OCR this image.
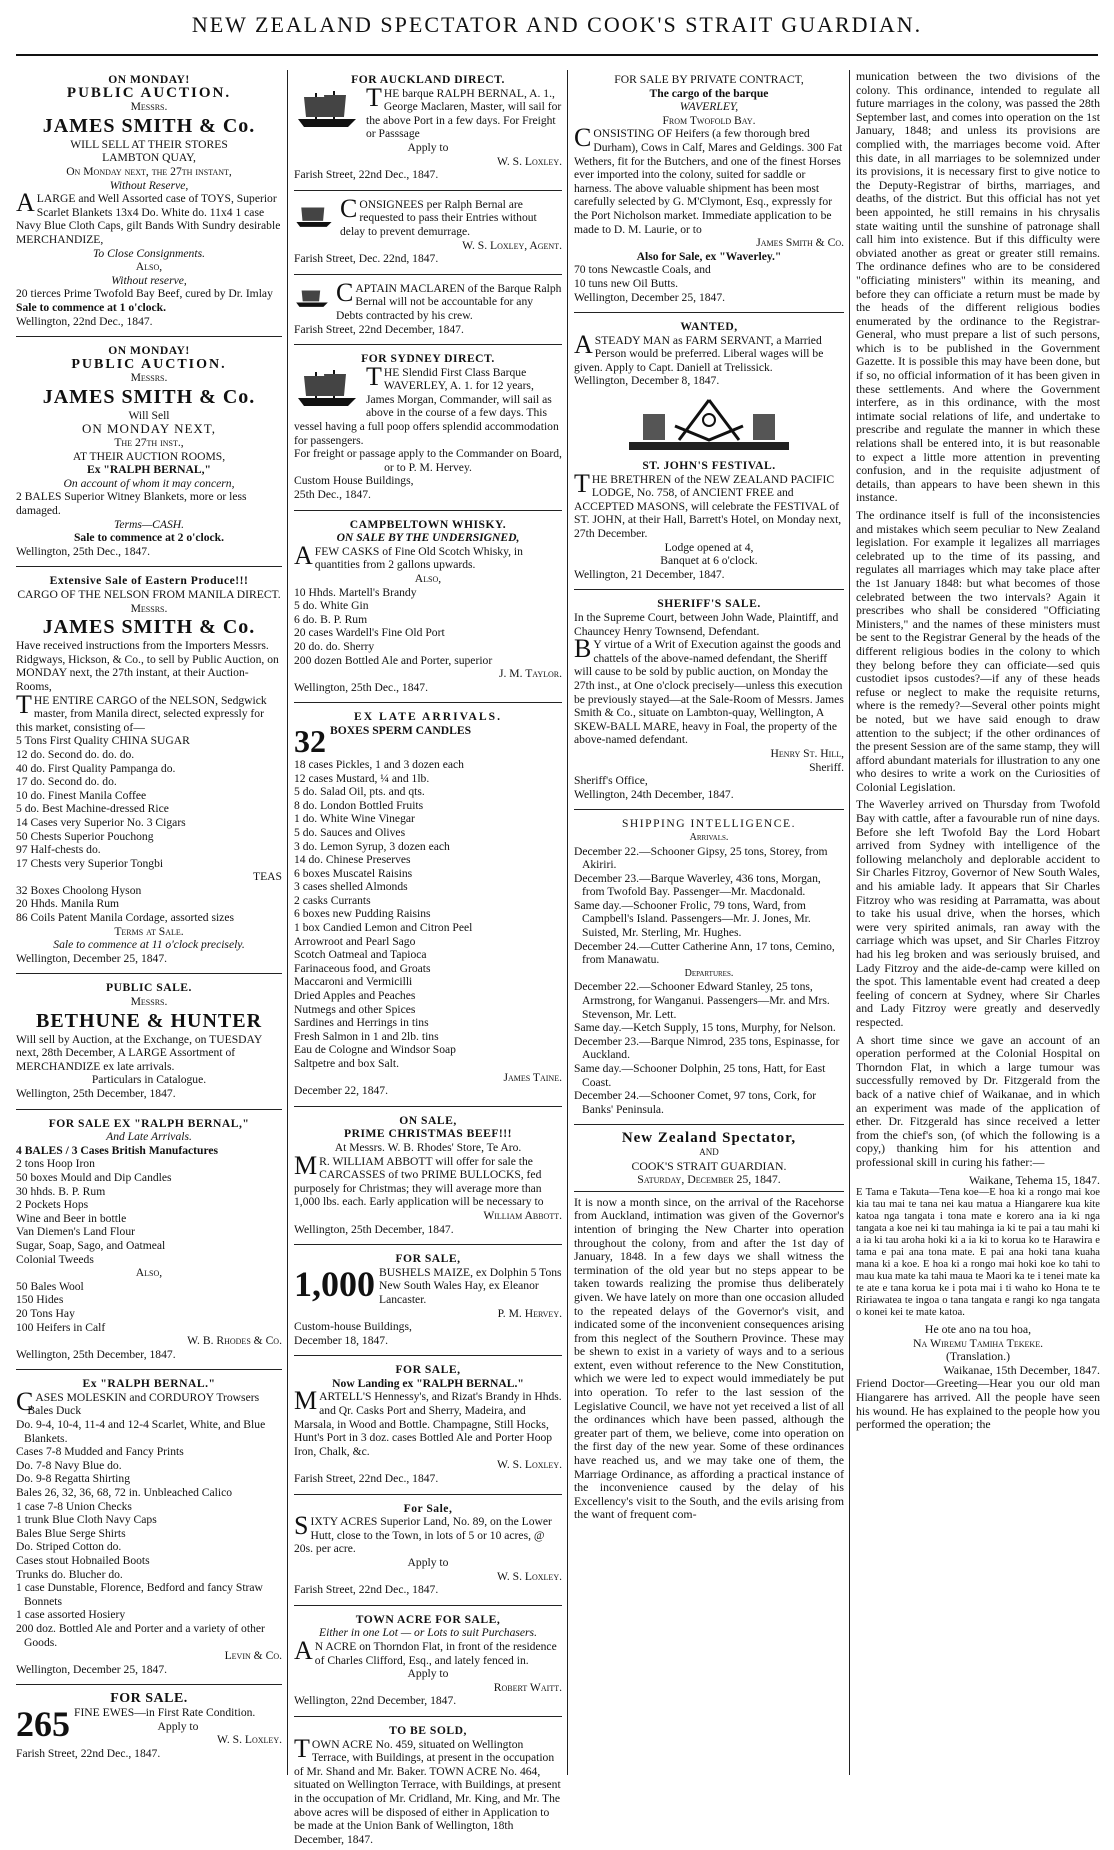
NEW ZEALAND SPECTATOR AND COOK'S STRAIT GUARDIAN.
ON MONDAY!
PUBLIC AUCTION.
Messrs.
JAMES SMITH & Co.
WILL SELL AT THEIR STORES
LAMBTON QUAY,
On Monday next, the 27th instant,
Without Reserve,
ALARGE and Well Assorted case of TOYS, Superior Scarlet Blankets 13x4 Do. White do. 11x4 1 case Navy Blue Cloth Caps, gilt Bands With Sundry desirable MERCHANDIZE,
To Close Consignments.
Also,
Without reserve,
20 tierces Prime Twofold Bay Beef, cured by Dr. Imlay
Sale to commence at 1 o'clock.
Wellington, 22nd Dec., 1847.
ON MONDAY!
PUBLIC AUCTION.
Messrs.
JAMES SMITH & Co.
Will Sell
ON MONDAY NEXT,
The 27th inst.,
AT THEIR AUCTION ROOMS,
Ex "RALPH BERNAL,"
On account of whom it may concern,
2 BALES Superior Witney Blankets, more or less damaged.
Terms—CASH.
Sale to commence at 2 o'clock.
Wellington, 25th Dec., 1847.
Extensive Sale of Eastern Produce!!!
CARGO OF THE NELSON FROM MANILA DIRECT.
Messrs.
JAMES SMITH & Co.
Have received instructions from the Importers Messrs. Ridgways, Hickson, & Co., to sell by Public Auction, on MONDAY next, the 27th instant, at their Auction-Rooms,
THE ENTIRE CARGO of the NELSON, Sedgwick master, from Manila direct, selected expressly for this market, consisting of—
5 Tons First Quality CHINA SUGAR
12 do. Second do. do. do.
40 do. First Quality Pampanga do.
17 do. Second do. do.
10 do. Finest Manila Coffee
5 do. Best Machine-dressed Rice
14 Cases very Superior No. 3 Cigars
50 Chests Superior Pouchong
97 Half-chests do.
17 Chests very Superior Tongbi
TEAS
32 Boxes Choolong Hyson
20 Hhds. Manila Rum
86 Coils Patent Manila Cordage, assorted sizes
Terms at Sale.
Sale to commence at 11 o'clock precisely.
Wellington, December 25, 1847.
PUBLIC SALE.
Messrs.
BETHUNE & HUNTER
Will sell by Auction, at the Exchange, on TUESDAY next, 28th December, A LARGE Assortment of MERCHANDIZE ex late arrivals.
Particulars in Catalogue.
Wellington, 25th December, 1847.
FOR SALE EX "RALPH BERNAL,"
And Late Arrivals.
4 BALES / 3 Cases British Manufactures
2 tons Hoop Iron
50 boxes Mould and Dip Candles
30 hhds. B. P. Rum
2 Pockets Hops
Wine and Beer in bottle
Van Diemen's Land Flour
Sugar, Soap, Sago, and Oatmeal
Colonial Tweeds
Also,
50 Bales Wool
150 Hides
20 Tons Hay
100 Heifers in Calf
W. B. Rhodes & Co.
Wellington, 25th December, 1847.
Ex "RALPH BERNAL."
CASES MOLESKIN and CORDUROY Trowsers
Bales Duck
Do. 9-4, 10-4, 11-4 and 12-4 Scarlet, White, and Blue Blankets.
Cases 7-8 Mudded and Fancy Prints
Do. 7-8 Navy Blue do.
Do. 9-8 Regatta Shirting
Bales 26, 32, 36, 68, 72 in. Unbleached Calico
1 case 7-8 Union Checks
1 trunk Blue Cloth Navy Caps
Bales Blue Serge Shirts
Do. Striped Cotton do.
Cases stout Hobnailed Boots
Trunks do. Blucher do.
1 case Dunstable, Florence, Bedford and fancy Straw Bonnets
1 case assorted Hosiery
200 doz. Bottled Ale and Porter and a variety of other Goods.
Levin & Co.
Wellington, December 25, 1847.
FOR SALE.
265 FINE EWES—in First Rate Condition.
Apply to
W. S. Loxley.
Farish Street, 22nd Dec., 1847.
FOR AUCKLAND DIRECT.
THE barque RALPH BERNAL, A. 1., George Maclaren, Master, will sail for the above Port in a few days. For Freight or Passsage
Apply to
W. S. Loxley.
Farish Street, 22nd Dec., 1847.
CONSIGNEES per Ralph Bernal are requested to pass their Entries without delay to prevent demurrage.
W. S. Loxley, Agent.
Farish Street, Dec. 22nd, 1847.
CAPTAIN MACLAREN of the Barque Ralph Bernal will not be accountable for any Debts contracted by his crew.
Farish Street, 22nd December, 1847.
FOR SYDNEY DIRECT.
THE Slendid First Class Barque WAVERLEY, A. 1. for 12 years, James Morgan, Commander, will sail as above in the course of a few days. This vessel having a full poop offers splendid accommodation for passengers.
For freight or passage apply to the Commander on Board, or to P. M. Hervey.
Custom House Buildings,
25th Dec., 1847.
CAMPBELTOWN WHISKY.
ON SALE BY THE UNDERSIGNED,
AFEW CASKS of Fine Old Scotch Whisky, in quantities from 2 gallons upwards.
Also,
10 Hhds. Martell's Brandy
5 do. White Gin
6 do. B. P. Rum
20 cases Wardell's Fine Old Port
20 do. do. Sherry
200 dozen Bottled Ale and Porter, superior
J. M. Taylor.
Wellington, 25th Dec., 1847.
EX LATE ARRIVALS.
32 BOXES SPERM CANDLES
18 cases Pickles, 1 and 3 dozen each
12 cases Mustard, ¼ and 1lb.
5 do. Salad Oil, pts. and qts.
8 do. London Bottled Fruits
1 do. White Wine Vinegar
5 do. Sauces and Olives
3 do. Lemon Syrup, 3 dozen each
14 do. Chinese Preserves
6 boxes Muscatel Raisins
3 cases shelled Almonds
2 casks Currants
6 boxes new Pudding Raisins
1 box Candied Lemon and Citron Peel
Arrowroot and Pearl Sago
Scotch Oatmeal and Tapioca
Farinaceous food, and Groats
Maccaroni and Vermicilli
Dried Apples and Peaches
Nutmegs and other Spices
Sardines and Herrings in tins
Fresh Salmon in 1 and 2lb. tins
Eau de Cologne and Windsor Soap
Saltpetre and box Salt.
James Taine.
December 22, 1847.
ON SALE,
PRIME CHRISTMAS BEEF!!!
At Messrs. W. B. Rhodes' Store, Te Aro.
MR. WILLIAM ABBOTT will offer for sale the CARCASSES of two PRIME BULLOCKS, fed purposely for Christmas; they will average more than 1,000 lbs. each. Early application will be necessary to
William Abbott.
Wellington, 25th December, 1847.
FOR SALE,
1,000 BUSHELS MAIZE, ex Dolphin 5 Tons New South Wales Hay, ex Eleanor Lancaster.
P. M. Hervey.
Custom-house Buildings,
December 18, 1847.
FOR SALE,
Now Landing ex "RALPH BERNAL."
MARTELL'S Hennessy's, and Rizat's Brandy in Hhds. and Qr. Casks Port and Sherry, Madeira, and Marsala, in Wood and Bottle. Champagne, Still Hocks, Hunt's Port in 3 doz. cases Bottled Ale and Porter Hoop Iron, Chalk, &c.
W. S. Loxley.
Farish Street, 22nd Dec., 1847.
For Sale,
SIXTY ACRES Superior Land, No. 89, on the Lower Hutt, close to the Town, in lots of 5 or 10 acres, @ 20s. per acre.
Apply to
W. S. Loxley.
Farish Street, 22nd Dec., 1847.
TOWN ACRE FOR SALE,
Either in one Lot — or Lots to suit Purchasers.
AN ACRE on Thorndon Flat, in front of the residence of Charles Clifford, Esq., and lately fenced in.
Apply to
Robert Waitt.
Wellington, 22nd December, 1847.
TO BE SOLD,
TOWN ACRE No. 459, situated on Wellington Terrace, with Buildings, at present in the occupation of Mr. Shand and Mr. Baker. TOWN ACRE No. 464, situated on Wellington Terrace, with Buildings, at present in the occupation of Mr. Cridland, Mr. King, and Mr. The above acres will be disposed of either in Application to be made at the Union Bank of Wellington, 18th December, 1847.
FOR SALE BY PRIVATE CONTRACT,
The cargo of the barque
WAVERLEY,
From Twofold Bay.
CONSISTING OF Heifers (a few thorough bred Durham), Cows in Calf, Mares and Geldings. 300 Fat Wethers, fit for the Butchers, and one of the finest Horses ever imported into the colony, suited for saddle or harness. The above valuable shipment has been most carefully selected by G. M'Clymont, Esq., expressly for the Port Nicholson market. Immediate application to be made to D. M. Laurie, or to
James Smith & Co.
Also for Sale, ex "Waverley."
70 tons Newcastle Coals, and
10 tuns new Oil Butts.
Wellington, December 25, 1847.
WANTED,
ASTEADY MAN as FARM SERVANT, a Married Person would be preferred. Liberal wages will be given. Apply to Capt. Daniell at Trelissick.
Wellington, December 8, 1847.
ST. JOHN'S FESTIVAL.
THE BRETHREN of the NEW ZEALAND PACIFIC LODGE, No. 758, of ANCIENT FREE and ACCEPTED MASONS, will celebrate the FESTIVAL of ST. JOHN, at their Hall, Barrett's Hotel, on Monday next, 27th December.
Lodge opened at 4,
Banquet at 6 o'clock.
Wellington, 21 December, 1847.
SHERIFF'S SALE.
In the Supreme Court, between John Wade, Plaintiff, and Chauncey Henry Townsend, Defendant.
BY virtue of a Writ of Execution against the goods and chattels of the above-named defendant, the Sheriff will cause to be sold by public auction, on Monday the 27th inst., at One o'clock precisely—unless this execution be previously stayed—at the Sale-Room of Messrs. James Smith & Co., situate on Lambton-quay, Wellington, A SKEW-BALL MARE, heavy in Foal, the property of the above-named defendant.
Henry St. Hill,
Sheriff.
Sheriff's Office,
Wellington, 24th December, 1847.
SHIPPING INTELLIGENCE.
Arrivals.
December 22.—Schooner Gipsy, 25 tons, Storey, from Akiriri.
December 23.—Barque Waverley, 436 tons, Morgan, from Twofold Bay. Passenger—Mr. Macdonald.
Same day.—Schooner Frolic, 79 tons, Ward, from Campbell's Island. Passengers—Mr. J. Jones, Mr. Suisted, Mr. Sterling, Mr. Hughes.
December 24.—Cutter Catherine Ann, 17 tons, Cemino, from Manawatu.
Departures.
December 22.—Schooner Edward Stanley, 25 tons, Armstrong, for Wanganui. Passengers—Mr. and Mrs. Stevenson, Mr. Lett.
Same day.—Ketch Supply, 15 tons, Murphy, for Nelson.
December 23.—Barque Nimrod, 235 tons, Espinasse, for Auckland.
Same day.—Schooner Dolphin, 25 tons, Hatt, for East Coast.
December 24.—Schooner Comet, 97 tons, Cork, for Banks' Peninsula.
New Zealand Spectator,
AND
COOK'S STRAIT GUARDIAN.
Saturday, December 25, 1847.

It is now a month since, on the arrival of the Racehorse from Auckland, intimation was given of the Governor's intention of bringing the New Charter into operation throughout the colony, from and after the 1st day of January, 1848. In a few days we shall witness the termination of the old year but no steps appear to be taken towards realizing the promise thus deliberately given. We have lately on more than one occasion alluded to the repeated delays of the Governor's visit, and indicated some of the inconvenient consequences arising from this neglect of the Southern Province. These may be shewn to exist in a variety of ways and to a serious extent, even without reference to the New Constitution, which we were led to expect would immediately be put into operation. To refer to the last session of the Legislative Council, we have not yet received a list of all the ordinances which have been passed, although the greater part of them, we believe, come into operation on the first day of the new year. Some of these ordinances have reached us, and we may take one of them, the Marriage Ordinance, as affording a practical instance of the inconvenience caused by the delay of his Excellency's visit to the South, and the evils arising from the want of frequent com-

munication between the two divisions of the colony. This ordinance, intended to regulate all future marriages in the colony, was passed the 28th September last, and comes into operation on the 1st January, 1848; and unless its provisions are complied with, the marriages become void. After this date, in all marriages to be solemnized under its provisions, it is necessary first to give notice to the Deputy-Registrar of births, marriages, and deaths, of the district. But this official has not yet been appointed, he still remains in his chrysalis state waiting until the sunshine of patronage shall call him into existence. But if this difficulty were obviated another as great or greater still remains. The ordinance defines who are to be considered "officiating ministers" within its meaning, and before they can officiate a return must be made by the heads of the different religious bodies enumerated by the ordinance to the Registrar-General, who must prepare a list of such persons, which is to be published in the Government Gazette. It is possible this may have been done, but if so, no official information of it has been given in these settlements. And where the Government interfere, as in this ordinance, with the most intimate social relations of life, and undertake to prescribe and regulate the manner in which these relations shall be entered into, it is but reasonable to expect a little more attention in preventing confusion, and in the requisite adjustment of details, than appears to have been shewn in this instance.

The ordinance itself is full of the inconsistencies and mistakes which seem peculiar to New Zealand legislation. For example it legalizes all marriages celebrated up to the time of its passing, and regulates all marriages which may take place after the 1st January 1848: but what becomes of those celebrated between the two intervals? Again it prescribes who shall be considered "Officiating Ministers," and the names of these ministers must be sent to the Registrar General by the heads of the different religious bodies in the colony to which they belong before they can officiate—sed quis custodiet ipsos custodes?—if any of these heads refuse or neglect to make the requisite returns, where is the remedy?—Several other points might be noted, but we have said enough to draw attention to the subject; if the other ordinances of the present Session are of the same stamp, they will afford abundant materials for illustration to any one who desires to write a work on the Curiosities of Colonial Legislation.

The Waverley arrived on Thursday from Twofold Bay with cattle, after a favourable run of nine days. Before she left Twofold Bay the Lord Hobart arrived from Sydney with intelligence of the following melancholy and deplorable accident to Sir Charles Fitzroy, Governor of New South Wales, and his amiable lady. It appears that Sir Charles Fitzroy who was residing at Parramatta, was about to take his usual drive, when the horses, which were very spirited animals, ran away with the carriage which was upset, and Sir Charles Fitzroy had his leg broken and was seriously bruised, and Lady Fitzroy and the aide-de-camp were killed on the spot. This lamentable event had created a deep feeling of concern at Sydney, where Sir Charles and Lady Fitzroy were greatly and deservedly respected.

A short time since we gave an account of an operation performed at the Colonial Hospital on Thorndon Flat, in which a large tumour was successfully removed by Dr. Fitzgerald from the back of a native chief of Waikanae, and in which an experiment was made of the application of ether. Dr. Fitzgerald has since received a letter from the chief's son, (of which the following is a copy,) thanking him for his attention and professional skill in curing his father:—

Waikane, Tehema 15, 1847.

E Tama e Takuta—Tena koe—E hoa ki a rongo mai koe kia tau mai te tana nei kau matua a Hiangarere kua kite katoa nga tangata i tona mate e korero ana ia ki nga tangata a koe nei ki tau mahinga ia ki te pai a tau mahi ki a ia ki tau aroha hoki ki a ia ki to korua ko te Harawira e tama e pai ana tona mate. E pai ana hoki tana kuaha mana ki a koe. E hoa ki a rongo mai hoki koe ko tahi to mau kua mate ka tahi maua te Maori ka te i tenei mate ka te ate e tana korua ke i pota mai i ti waho ko Hona te te Ririawatea te ingoa o tana tangata e rangi ko nga tangata o konei kei te mate katoa.

He ote ano na tou hoa,
Na Wiremu Tamiha Tekeke.
(Translation.)
Waikanae, 15th December, 1847.

Friend Doctor—Greeting—Hear you our old man Hiangarere has arrived. All the people have seen his wound. He has explained to the people how you performed the operation; the
